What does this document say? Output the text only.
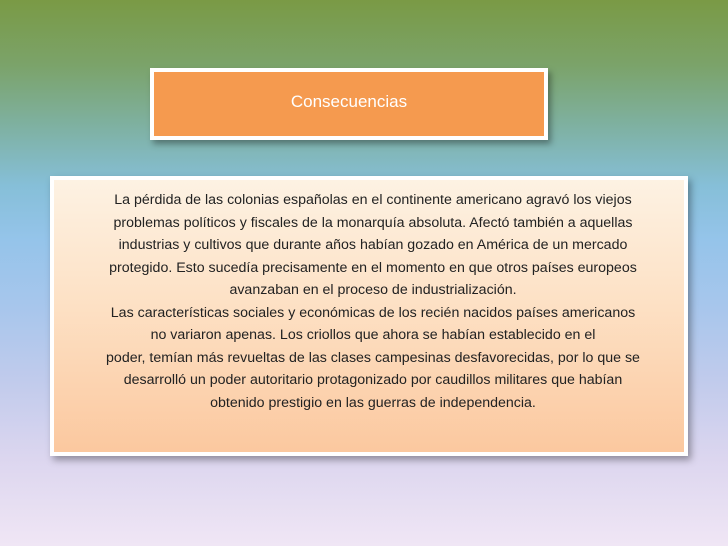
Consecuencias
La pérdida de las colonias españolas en el continente americano agravó los viejos
problemas políticos y fiscales de la monarquía absoluta. Afectó también a aquellas
industrias y cultivos que durante años habían gozado en América de un mercado
protegido. Esto sucedía precisamente en el momento en que otros países europeos
avanzaban en el proceso de industrialización.
Las características sociales y económicas de los recién nacidos países americanos
no variaron apenas. Los criollos que ahora se habían establecido en el
poder, temían más revueltas de las clases campesinas desfavorecidas, por lo que se
desarrolló un poder autoritario protagonizado por caudillos militares que habían
obtenido prestigio en las guerras de independencia.
